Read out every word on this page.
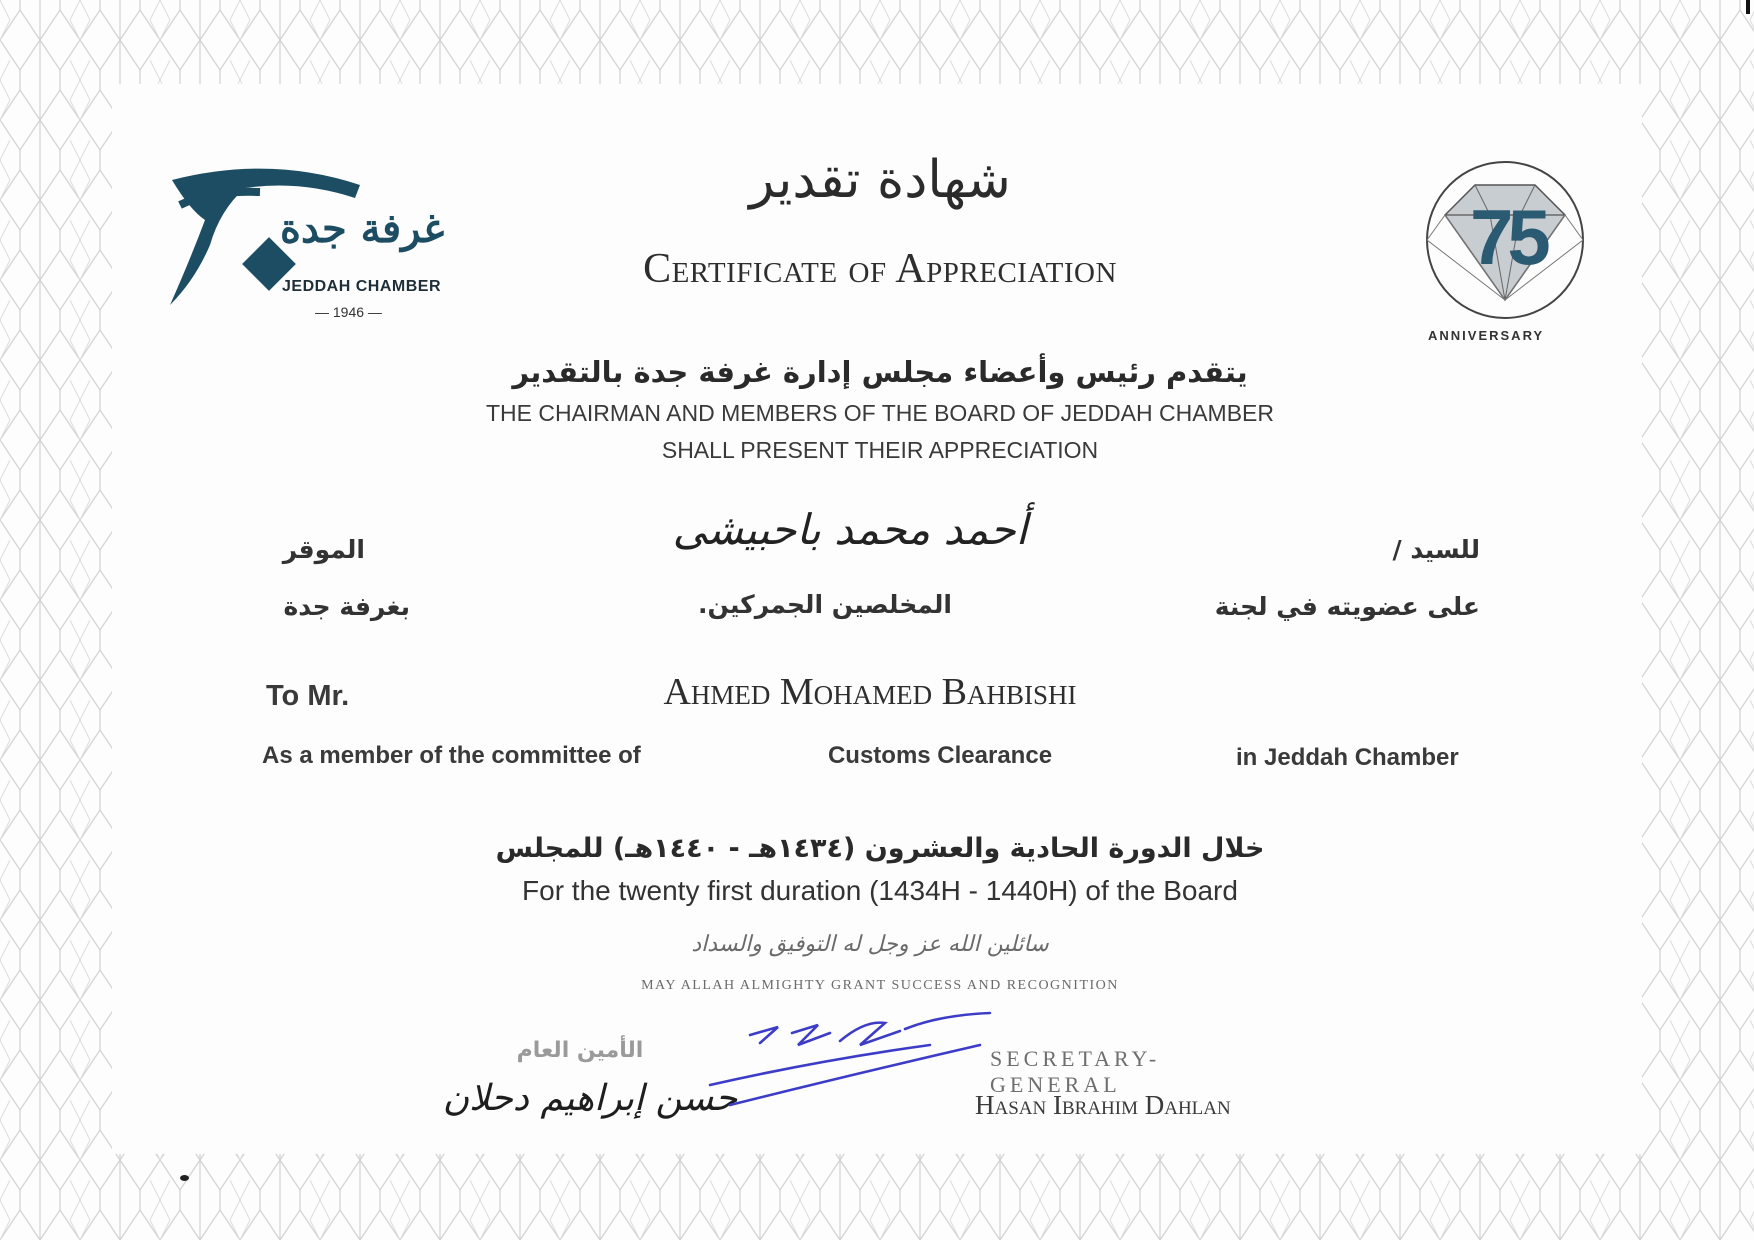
غرفة جدة
JEDDAH CHAMBER
— 1946 —
75
ANNIVERSARY
شهادة تقدير
Certificate of Appreciation
يتقدم رئيس وأعضاء مجلس إدارة غرفة جدة بالتقدير
THE CHAIRMAN AND MEMBERS OF THE BOARD OF JEDDAH CHAMBER
SHALL PRESENT THEIR APPRECIATION
للسيد /
أحمد محمد باحبيشى
الموقر
على عضويته في لجنة
المخلصين الجمركين.
بغرفة جدة
To Mr.	Ahmed Mohamed Bahbishi
As a member of the committee of	Customs Clearance	in Jeddah Chamber
خلال الدورة الحادية والعشرون (١٤٣٤هـ - ١٤٤٠هـ) للمجلس
For the twenty first duration (1434H - 1440H) of the Board
سائلين الله عز وجل له التوفيق والسداد
MAY ALLAH ALMIGHTY GRANT SUCCESS AND RECOGNITION
الأمين العام
حسن إبراهيم دحلان
SECRETARY-GENERAL
Hasan Ibrahim Dahlan
